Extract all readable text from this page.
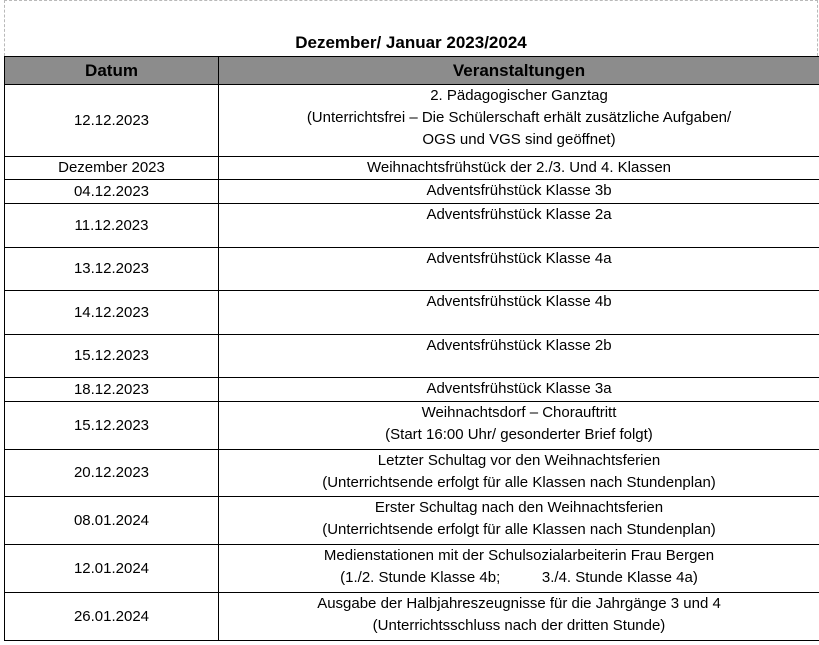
Dezember/ Januar 2023/2024
Datum	Veranstaltungen
12.12.2023	2. Pädagogischer Ganztag
(Unterrichtsfrei – Die Schülerschaft erhält zusätzliche Aufgaben/
OGS und VGS sind geöffnet)

Dezember 2023	Weihnachtsfrühstück der 2./3. Und 4. Klassen

04.12.2023	Adventsfrühstück Klasse 3b

11.12.2023	Adventsfrühstück Klasse 2a

13.12.2023	Adventsfrühstück Klasse 4a

14.12.2023	Adventsfrühstück Klasse 4b

15.12.2023	Adventsfrühstück Klasse 2b

18.12.2023	Adventsfrühstück Klasse 3a

15.12.2023	Weihnachtsdorf – Chorauftritt
(Start 16:00 Uhr/ gesonderter Brief folgt)

20.12.2023	Letzter Schultag vor den Weihnachtsferien
(Unterrichtsende erfolgt für alle Klassen nach Stundenplan)

08.01.2024	Erster Schultag nach den Weihnachtsferien
(Unterrichtsende erfolgt für alle Klassen nach Stundenplan)

12.01.2024	Medienstationen mit der Schulsozialarbeiterin Frau Bergen
(1./2. Stunde Klasse 4b;          3./4. Stunde Klasse 4a)

26.01.2024	Ausgabe der Halbjahreszeugnisse für die Jahrgänge 3 und 4
(Unterrichtsschluss nach der dritten Stunde)
